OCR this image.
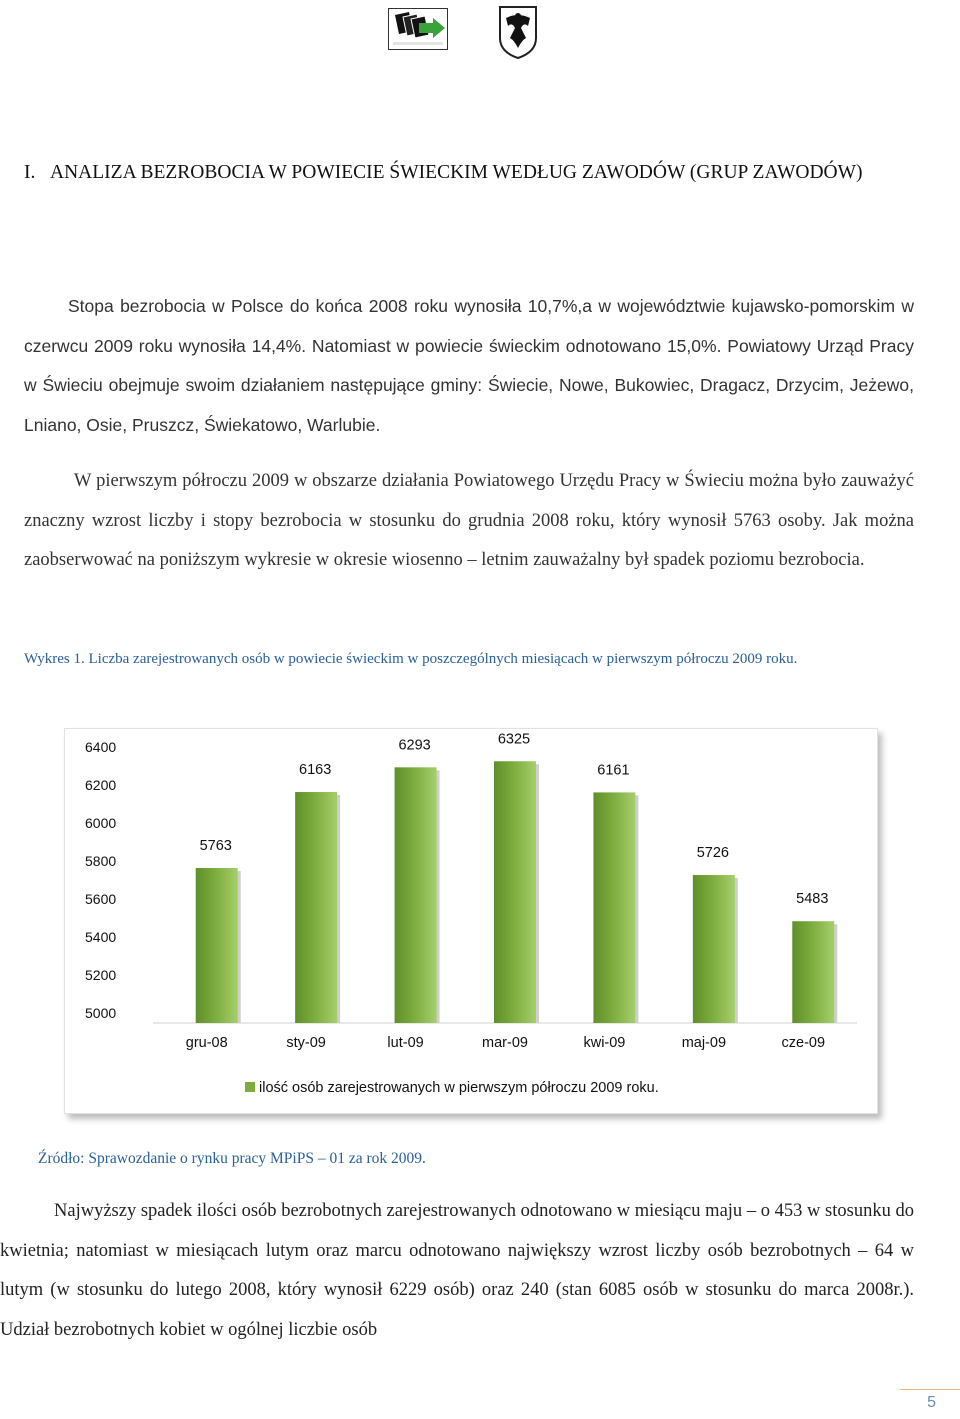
I. ANALIZA BEZROBOCIA W POWIECIE ŚWIECKIM WEDŁUG ZAWODÓW (GRUP ZAWODÓW)

Stopa bezrobocia w Polsce do końca 2008 roku wynosiła 10,7%,a w województwie kujawsko-pomorskim w czerwcu 2009 roku wynosiła 14,4%. Natomiast w powiecie świeckim odnotowano 15,0%. Powiatowy Urząd Pracy w Świeciu obejmuje swoim działaniem następujące gminy: Świecie, Nowe, Bukowiec, Dragacz, Drzycim, Jeżewo, Lniano, Osie, Pruszcz, Świekatowo, Warlubie.

W pierwszym półroczu 2009 w obszarze działania Powiatowego Urzędu Pracy w Świeciu można było zauważyć znaczny wzrost liczby i stopy bezrobocia w stosunku do grudnia 2008 roku, który wynosił 5763 osoby. Jak można zaobserwować na poniższym wykresie w okresie wiosenno – letnim zauważalny był spadek poziomu bezrobocia.

Wykres 1. Liczba zarejestrowanych osób w powiecie świeckim w poszczególnych miesiącach w pierwszym półroczu 2009 roku.
6400
6200
6000
5800
5600
5400
5200
5000
5763
gru-08
6163
sty-09
6293
lut-09
6325
mar-09
6161
kwi-09
5726
maj-09
5483
cze-09
ilość osób zarejestrowanych w pierwszym półroczu 2009 roku.
Źródło: Sprawozdanie o rynku pracy MPiPS – 01 za rok 2009.

Najwyższy spadek ilości osób bezrobotnych zarejestrowanych odnotowano w miesiącu maju – o 453 w stosunku do kwietnia; natomiast w miesiącach lutym oraz marcu odnotowano największy wzrost liczby osób bezrobotnych – 64 w lutym (w stosunku do lutego 2008, który wynosił 6229 osób) oraz 240 (stan 6085 osób w stosunku do marca 2008r.). Udział bezrobotnych kobiet w ogólnej liczbie osób

5
